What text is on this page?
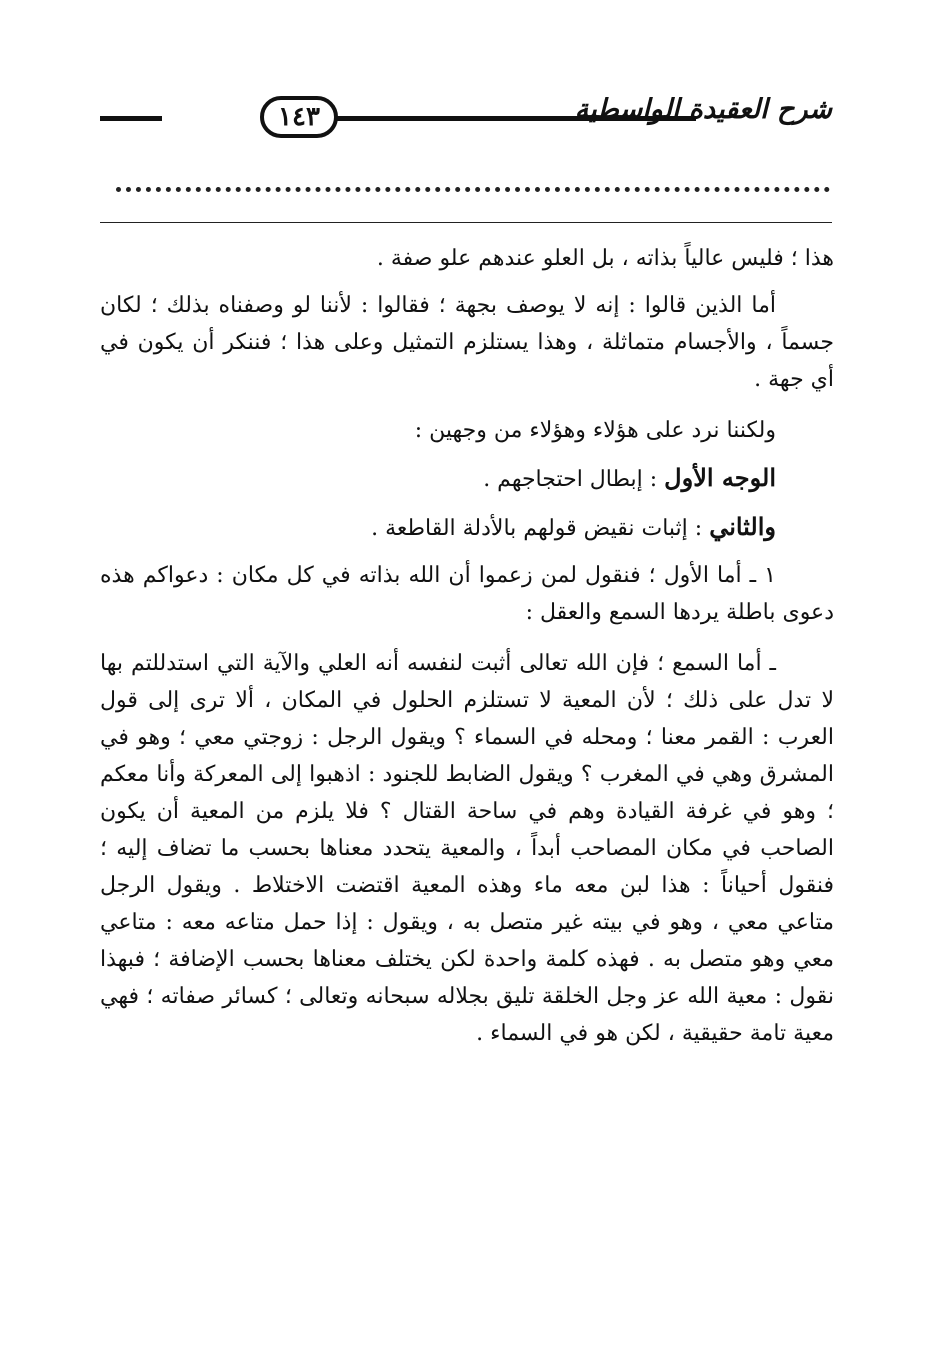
١٤٣	شرح العقيدة الواسطية

هذا ؛ فليس عالياً بذاته ، بل العلو عندهم علو صفة .

أما الذين قالوا : إنه لا يوصف بجهة ؛ فقالوا : لأننا لو وصفناه بذلك ؛ لكان جسماً ، والأجسام متماثلة ، وهذا يستلزم التمثيل وعلى هذا ؛ فننكر أن يكون في أي جهة .

ولكننا نرد على هؤلاء وهؤلاء من وجهين :

الوجه الأول : إبطال احتجاجهم .

والثاني : إثبات نقيض قولهم بالأدلة القاطعة .

١ ـ أما الأول ؛ فنقول لمن زعموا أن الله بذاته في كل مكان : دعواكم هذه دعوى باطلة يردها السمع والعقل :

ـ أما السمع ؛ فإن الله تعالى أثبت لنفسه أنه العلي والآية التي استدللتم بها لا تدل على ذلك ؛ لأن المعية لا تستلزم الحلول في المكان ، ألا ترى إلى قول العرب : القمر معنا ؛ ومحله في السماء ؟ ويقول الرجل : زوجتي معي ؛ وهو في المشرق وهي في المغرب ؟ ويقول الضابط للجنود : اذهبوا إلى المعركة وأنا معكم ؛ وهو في غرفة القيادة وهم في ساحة القتال ؟ فلا يلزم من المعية أن يكون الصاحب في مكان المصاحب أبداً ، والمعية يتحدد معناها بحسب ما تضاف إليه ؛ فنقول أحياناً : هذا لبن معه ماء وهذه المعية اقتضت الاختلاط . ويقول الرجل متاعي معي ، وهو في بيته غير متصل به ، ويقول : إذا حمل متاعه معه : متاعي معي وهو متصل به . فهذه كلمة واحدة لكن يختلف معناها بحسب الإضافة ؛ فبهذا نقول : معية الله عز وجل الخلقة تليق بجلاله سبحانه وتعالى ؛ كسائر صفاته ؛ فهي معية تامة حقيقية ، لكن هو في السماء .
